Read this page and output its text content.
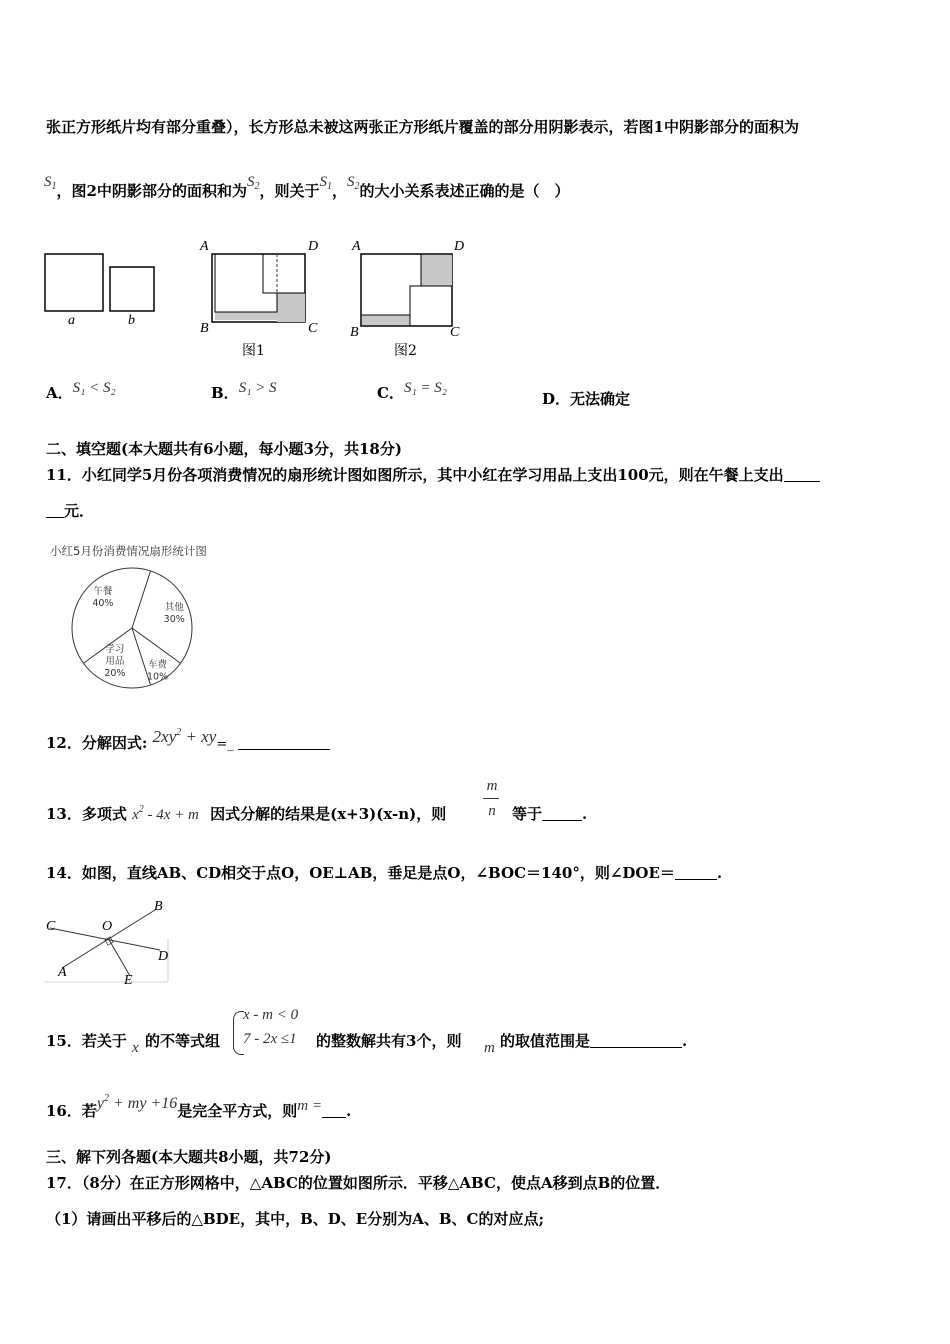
张正方形纸片均有部分重叠），长方形总未被这两张正方形纸片覆盖的部分用阴影表示，若图1中阴影部分的面积为
$S_1$，图2中阴影部分的面积和为$S_2$，则关于$S_1$，$S_2$的大小关系表述正确的是（　）
a	b
A	D
B	C
A	D
B	C
图1	图2
A．S₁ < S₂	B．S₁ > S	C．S₁ = S₂
D．无法确定
二、填空题(本大题共有6小题，每小题3分，共18分)
11．小红同学5月份各项消费情况的扇形统计图如图所示，其中小红在学习用品上支出100元，则在午餐上支出
元．
小红5月份消费情况扇形统计图
午餐
40%	其他
30%
车费
10%
学习
用品
20%
12．分解因式: $2xy^2$ + xy=_
13．多项式 $x^2 - 4x + m$ 因式分解的结果是(x+3)(x-n)，则
m
n	等于	.
14．如图，直线AB、CD相交于点O，OE⊥AB，垂足是点O，∠BOC＝140°，则∠DOE＝	.
C
B
O
D
A
E
15．若关于 x 的不等式组
x - m < 0
7 - 2x ≤1 的整数解共有3个，则 m 的取值范围是	.
16．若$y^2$ + my +16是完全平方式，则m = .
三、解下列各题(本大题共8小题，共72分)
17．（8分）在正方形网格中，△ABC的位置如图所示．平移△ABC，使点A移到点B的位置．
（1）请画出平移后的△BDE，其中，B、D、E分别为A、B、C的对应点;
